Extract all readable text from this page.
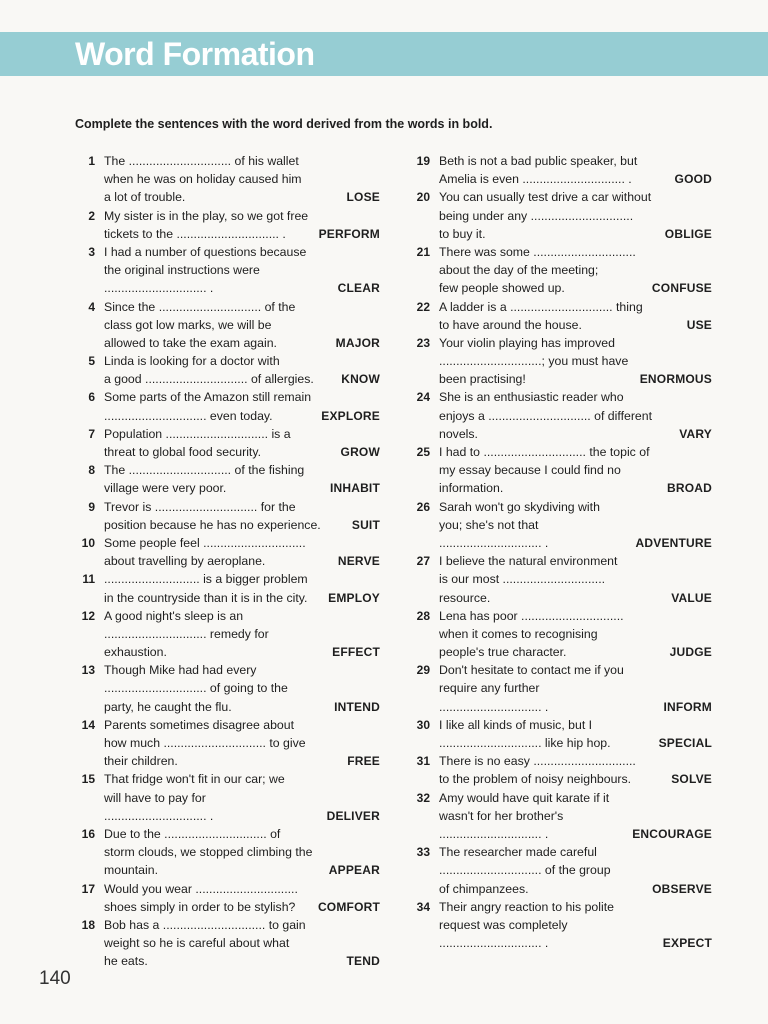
Word Formation
Complete the sentences with the word derived from the words in bold.
1 The .............................. of his wallet
when he was on holiday caused him
a lot of trouble.	LOSE
2 My sister is in the play, so we got free
tickets to the .............................. .	PERFORM
3 I had a number of questions because
the original instructions were
.............................. .	CLEAR
4 Since the .............................. of the
class got low marks, we will be
allowed to take the exam again.	MAJOR
5 Linda is looking for a doctor with
a good .............................. of allergies. KNOW
6 Some parts of the Amazon still remain
.............................. even today.	EXPLORE
7 Population .............................. is a
threat to global food security.	GROW
8 The .............................. of the fishing
village were very poor.	INHABIT
9 Trevor is .............................. for the
position because he has no experience.	SUIT
10 Some people feel ..............................
about travelling by aeroplane.	NERVE
11 ............................ is a bigger problem
in the countryside than it is in the city. EMPLOY
12 A good night's sleep is an
.............................. remedy for
exhaustion.	EFFECT
13 Though Mike had had every
.............................. of going to the
party, he caught the flu.	INTEND
14 Parents sometimes disagree about
how much .............................. to give
their children.	FREE
15 That fridge won't fit in our car; we
will have to pay for
.............................. .	DELIVER
16 Due to the .............................. of
storm clouds, we stopped climbing the
mountain.	APPEAR
17 Would you wear ..............................
shoes simply in order to be stylish? COMFORT
18 Bob has a .............................. to gain
weight so he is careful about what
he eats.	TEND
19 Beth is not a bad public speaker, but
Amelia is even .............................. .	GOOD
20 You can usually test drive a car without
being under any ..............................
to buy it.	OBLIGE
21 There was some ..............................
about the day of the meeting;
few people showed up.	CONFUSE
22 A ladder is a .............................. thing
to have around the house.	USE
23 Your violin playing has improved
..............................; you must have
been practising!	ENORMOUS
24 She is an enthusiastic reader who
enjoys a .............................. of different
novels.	VARY
25 I had to .............................. the topic of
my essay because I could find no
information.	BROAD
26 Sarah won't go skydiving with
you; she's not that
.............................. .	ADVENTURE
27 I believe the natural environment
is our most ..............................
resource.	VALUE
28 Lena has poor ..............................
when it comes to recognising
people's true character.	JUDGE
29 Don't hesitate to contact me if you
require any further
.............................. .	INFORM
30 I like all kinds of music, but I
.............................. like hip hop.	SPECIAL
31 There is no easy ..............................
to the problem of noisy neighbours.	SOLVE
32 Amy would have quit karate if it
wasn't for her brother's
.............................. .	ENCOURAGE
33 The researcher made careful
.............................. of the group
of chimpanzees.	OBSERVE
34 Their angry reaction to his polite
request was completely
.............................. .	EXPECT
140
